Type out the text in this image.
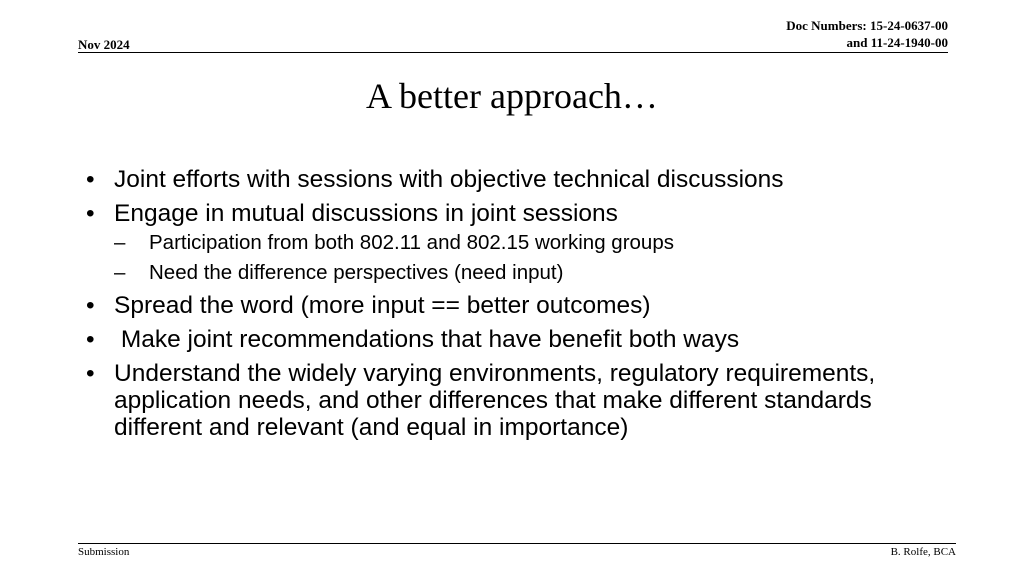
Doc Numbers: 15-24-0637-00
and 11-24-1940-00
Nov 2024
A better approach…
• Joint efforts with sessions with objective technical discussions
• Engage in mutual discussions in joint sessions
– Participation from both 802.11 and 802.15 working groups
– Need the difference perspectives (need input)
• Spread the word (more input == better outcomes)
• Make joint recommendations that have benefit both ways
• Understand the widely varying environments, regulatory requirements, application needs, and other differences that make different standards different and relevant (and equal in importance)
Submission	B. Rolfe, BCA
